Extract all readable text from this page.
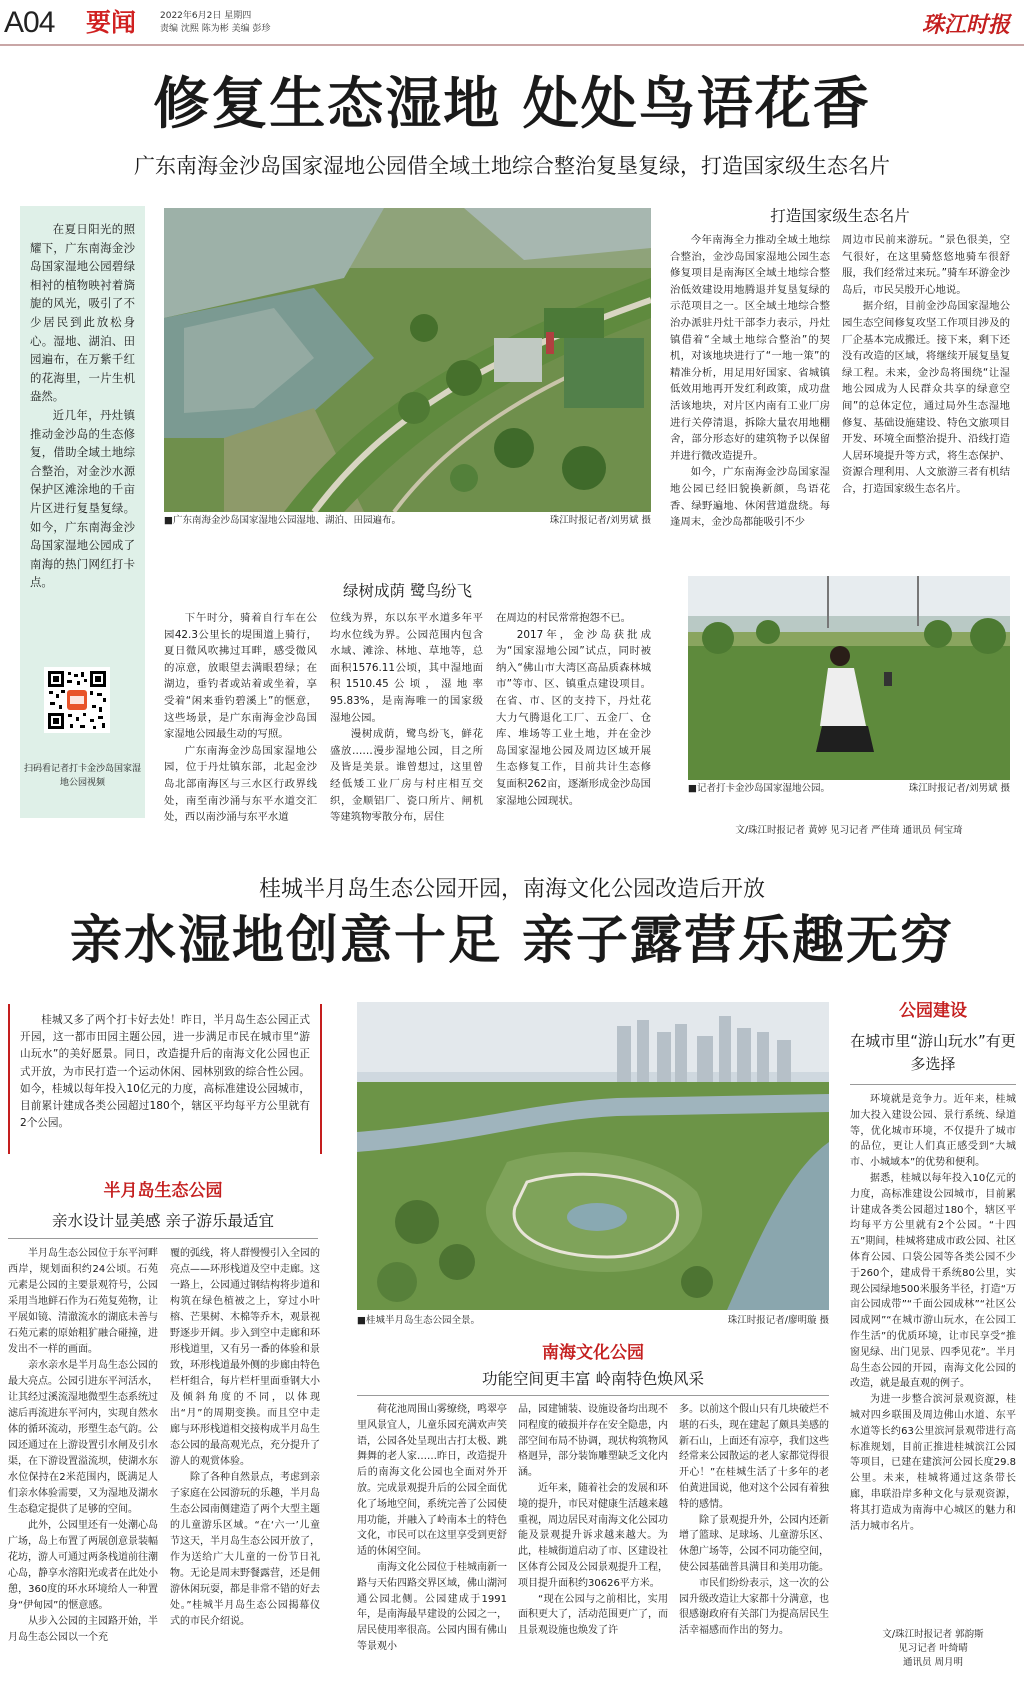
A04 要闻	2022年6月2日 星期四
责编 沈熙 陈为彬 美编 彭珍	珠江时报
修复生态湿地 处处鸟语花香
广东南海金沙岛国家湿地公园借全域土地综合整治复垦复绿，打造国家级生态名片

在夏日阳光的照耀下，广东南海金沙岛国家湿地公园碧绿相衬的植物映衬着旖旎的风光，吸引了不少居民到此放松身心。湿地、湖泊、田园遍布，在万紫千红的花海里，一片生机盎然。

近几年，丹灶镇推动金沙岛的生态修复，借助全域土地综合整治，对金沙水源保护区滩涂地的千亩片区进行复垦复绿。如今，广东南海金沙岛国家湿地公园成了南海的热门网红打卡点。

扫码看记者打卡金沙岛国家湿地公园视频
■广东南海金沙岛国家湿地公园湿地、湖泊、田园遍布。	珠江时报记者/刘男斌 摄
打造国家级生态名片

今年南海全力推动全域土地综合整治，金沙岛国家湿地公园生态修复项目是南海区全域土地综合整治低效建设用地腾退并复垦复绿的示范项目之一。区全域土地综合整治办派驻丹灶干部李力表示，丹灶镇借着“全域土地综合整治”的契机，对该地块进行了“一地一策”的精准分析，用足用好国家、省城镇低效用地再开发红利政策，成功盘活该地块，对片区内南有工业厂房进行关停清退，拆除大量农用地棚舍，部分形态好的建筑物予以保留并进行微改造提升。

如今，广东南海金沙岛国家湿地公园已经旧貌换新颜，鸟语花香、绿野遍地、休闲营道盘绕。每逢周末，金沙岛都能吸引不少

周边市民前来游玩。“景色很美，空气很好，在这里骑悠悠地骑车很舒服，我们经常过来玩。”骑车环游金沙岛后，市民吴殷开心地说。

据介绍，目前金沙岛国家湿地公园生态空间修复攻坚工作项目涉及的厂企基本完成搬迁。接下来，剩下还没有改造的区域，将继续开展复垦复绿工程。未来，金沙岛将围绕“让湿地公园成为人民群众共享的绿意空间”的总体定位，通过局外生态湿地修复、基础设施建设、特色文旅项目开发、环境全面整治提升、沿线打造人居环境提升等方式，将生态保护、资源合理利用、人文旅游三者有机结合，打造国家级生态名片。

绿树成荫 鹭鸟纷飞

下午时分，骑着自行车在公园42.3公里长的堤围道上骑行，夏日微风吹拂过耳畔，感受微风的凉意，放眼望去满眼碧绿；在湖边，垂钓者或站着或坐着，享受着“闲来垂钓碧溪上”的惬意，这些场景，是广东南海金沙岛国家湿地公园最生动的写照。

广东南海金沙岛国家湿地公园，位于丹灶镇东部，北起金沙岛北部南海区与三水区行政界线处，南至南沙涌与东平水道交汇处，西以南沙涌与东平水道

位线为界，东以东平水道多年平均水位线为界。公园范围内包含水域、滩涂、林地、草地等，总面积1576.11公顷，其中湿地面积1510.45公顷，湿地率95.83%，是南海唯一的国家级湿地公园。

漫树成荫，鹭鸟纷飞，鲜花盛放……漫步湿地公园，目之所及皆是美景。谁曾想过，这里曾经低矮工业厂房与村庄相互交织，金顺铝厂、瓷口所片、闸机等建筑物零散分布，居住

在周边的村民常常抱怨不已。

2017年，金沙岛获批成为“国家湿地公园”试点，同时被纳入“佛山市大湾区高品质森林城市”等市、区、镇重点建设项目。在省、市、区的支持下，丹灶花大力气腾退化工厂、五金厂、仓库、堆场等工业土地，并在金沙岛国家湿地公园及周边区域开展生态修复工作，目前共计生态修复面积262亩，逐渐形成金沙岛国家湿地公园现状。

■记者打卡金沙岛国家湿地公园。	珠江时报记者/刘男斌 摄
文/珠江时报记者 黄婷 见习记者 严佳琦 通讯员 何宝琦
桂城半月岛生态公园开园，南海文化公园改造后开放
亲水湿地创意十足 亲子露营乐趣无穷

桂城又多了两个打卡好去处！昨日，半月岛生态公园正式开园，这一都市田园主题公园，进一步满足市民在城市里“游山玩水”的美好愿景。同日，改造提升后的南海文化公园也正式开放，为市民打造一个运动休闲、园林别致的综合性公园。如今，桂城以每年投入10亿元的力度，高标准建设公园城市，目前累计建成各类公园超过180个，辖区平均每平方公里就有2个公园。

半月岛生态公园
亲水设计显美感 亲子游乐最适宜

半月岛生态公园位于东平河畔西岸，规划面积约24公顷。石苑元素是公园的主要景观符号，公园采用当地鲜石作为石苑复苑物，让平展如镜、清澈流水的湖底未善与石苑元素的原始粗犷融合碰撞，进发出不一样的画面。

亲水亲水是半月岛生态公园的最大亮点。公园引进东平河活水，让其经过溪流湿地微型生态系统过滤后再流进东平河内，实现自然水体的循环流动，形塑生态气韵。公园还通过在上游设置引水闸及引水渠，在下游设置溢流坝，使湖水东水位保持在2米范围内，既满足人们亲水体验需要，又为湿地及湖水生态稳定提供了足够的空间。

此外，公园里还有一处潮心岛广场，岛上布置了两展创意景装幅花坊，游人可通过两条栈道前往潮心岛，静享水溶阳光或者在此处小憩，360度的环水环境给人一种置身“伊甸园”的惬意感。

从步入公园的主园路开始，半月岛生态公园以一个充

覆的弧线，将人群慢慢引入全园的亮点——环形栈道及空中走廊。这一路上，公园通过钢结构将步道和构筑在绿色植被之上，穿过小叶榕、芒果树、木棉等乔木，观景视野逐步开阔。步入到空中走廊和环形栈道里，又有另一番的体验和景致，环形栈道最外侧的步廊由特色栏杆组合，每片栏杆里面垂钢大小及倾斜角度的不同，以体现出“月”的周期变换。而且空中走廊与环形栈道相交接构成半月岛生态公园的最高观光点，充分提升了游人的观赏体验。

除了各种自然景点，考虑到亲子家庭在公园游玩的乐趣，半月岛生态公园南侧建造了两个大型主题的儿童游乐区域。“在‘六一’儿童节这天，半月岛生态公园开放了，作为送给广大儿童的一份节日礼物。无论是周末野餐露营，还是佣游休闲玩耍，都是非常不错的好去处。”桂城半月岛生态公园揭幕仪式的市民介绍说。

■桂城半月岛生态公园全景。	珠江时报记者/廖明璇 摄
南海文化公园
功能空间更丰富 岭南特色焕风采

荷花池周围山雾缭绕，鸣翠亭里风景宜人，儿童乐园充满欢声笑语，公园各处呈现出古打太极、跳舞舞的老人家……昨日，改造提升后的南海文化公园也全面对外开放。完成景观提升后的公园全面优化了场地空间，系统完善了公园使用功能，并融入了岭南本土的特色文化，市民可以在这里享受到更舒适的休闲空间。

南海文化公园位于桂城南新一路与天佑四路交界区域，佛山湖河通公园北侧。公园建成于1991年，是南海最早建设的公园之一，居民使用率很高。公园内围有佛山等景观小

品，园建铺装、设施设备均出现不同程度的破损并存在安全隐患，内部空间布局不协调，现状构筑物风格迥异，部分装饰雕塑缺乏文化内涵。

近年来，随着社会的发展和环境的提升，市民对健康生活越来越重视，周边居民对南海文化公园功能及景观提升诉求越来越大。为此，桂城街道启动了市、区建设社区体育公园及公园景观提升工程，项目提升面积约30626平方米。

“现在公园与之前相比，实用面积更大了，活动范围更广了，而且景观设施也焕发了许

多。以前这个假山只有几块破烂不堪的石头，现在建起了颇具美感的新石山，上面还有凉亭，我们这些经常来公园散运的老人家都觉得很开心！”在桂城生活了十多年的老伯黄进国说，他对这个公园有着独特的感情。

除了景观提升外，公园内还新增了篮球、足球场、儿童游乐区、休憩广场等，公园不同功能空间，使公园基础普具满目和美用功能。

市民们纷纷表示，这一次的公园升级改造让大家都十分满意，也很感谢政府有关部门为提高居民生活幸福感而作出的努力。

公园建设
在城市里“游山玩水”有更多选择

环境就是竞争力。近年来，桂城加大投入建设公园、景行系统、绿道等，优化城市环境，不仅提升了城市的品位，更让人们真正感受到“大城市、小城域本”的优势和便利。

据悉，桂城以每年投入10亿元的力度，高标准建设公园城市，目前累计建成各类公园超过180个，辖区平均每平方公里就有2个公园。“十四五”期间，桂城将建成市政公园、社区体育公园、口袋公园等各类公园不少于260个，建成骨干系统80公里，实现公园绿地500米服务半径，打造“万亩公园成带”“千面公园成林”“社区公园成网”“在城市游山玩水，在公园工作生活”的优质环境，让市民享受“推窗见绿、出门见景、四季见花”。半月岛生态公园的开园，南海文化公园的改造，就是最直观的例子。

为进一步整合滨河景观资源，桂城对四乡联围及周边佛山水道、东平水道等长约63公里滨河景观带进行高标准规划，目前正推进桂城滨江公园等项目，已建在建滨河公园长度29.8公里。未来，桂城将通过这条带长廊，串联沿岸多种文化与景观资源，将其打造成为南海中心城区的魅力和活力城市名片。

文/珠江时报记者 郭韵斯
见习记者 叶绮晴
通讯员 周月明
